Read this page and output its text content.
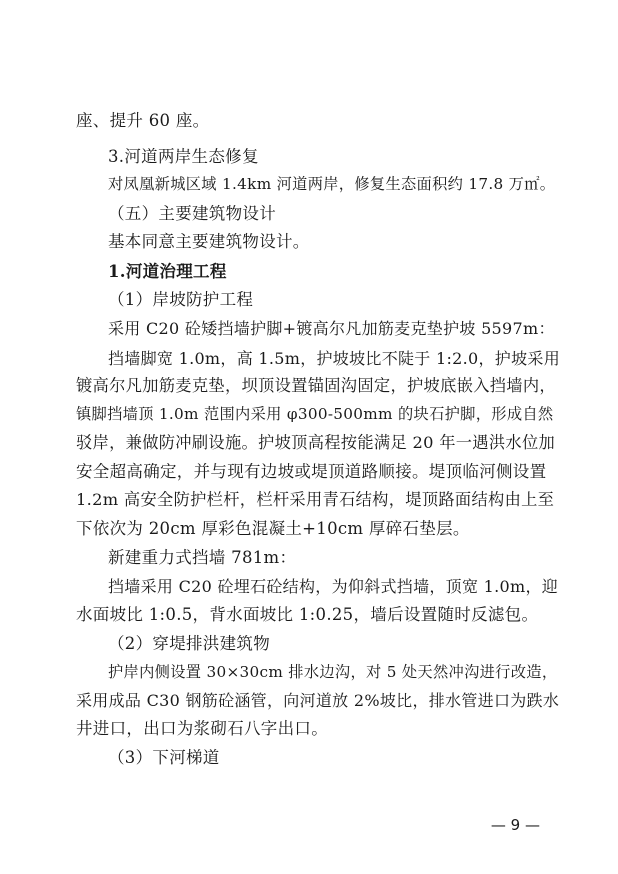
座、提升 60 座。
3.河道两岸生态修复
对凤凰新城区域 1.4km 河道两岸，修复生态面积约 17.8 万㎡。
（五）主要建筑物设计
基本同意主要建筑物设计。
1.河道治理工程
（1）岸坡防护工程
采用 C20 砼矮挡墙护脚+镀高尔凡加筋麦克垫护坡 5597m：
挡墙脚宽 1.0m，高 1.5m，护坡坡比不陡于 1:2.0，护坡采用
镀高尔凡加筋麦克垫，坝顶设置锚固沟固定，护坡底嵌入挡墙内，
镇脚挡墙顶 1.0m 范围内采用 φ300-500mm 的块石护脚，形成自然
驳岸，兼做防冲刷设施。护坡顶高程按能满足 20 年一遇洪水位加
安全超高确定，并与现有边坡或堤顶道路顺接。堤顶临河侧设置
1.2m 高安全防护栏杆，栏杆采用青石结构，堤顶路面结构由上至
下依次为 20cm 厚彩色混凝土+10cm 厚碎石垫层。
新建重力式挡墙 781m：
挡墙采用 C20 砼埋石砼结构，为仰斜式挡墙，顶宽 1.0m，迎
水面坡比 1:0.5，背水面坡比 1:0.25，墙后设置随时反滤包。
（2）穿堤排洪建筑物
护岸内侧设置 30×30cm 排水边沟，对 5 处天然冲沟进行改造，
采用成品 C30 钢筋砼涵管，向河道放 2%坡比，排水管进口为跌水
井进口，出口为浆砌石八字出口。
（3）下河梯道
— 9 —
